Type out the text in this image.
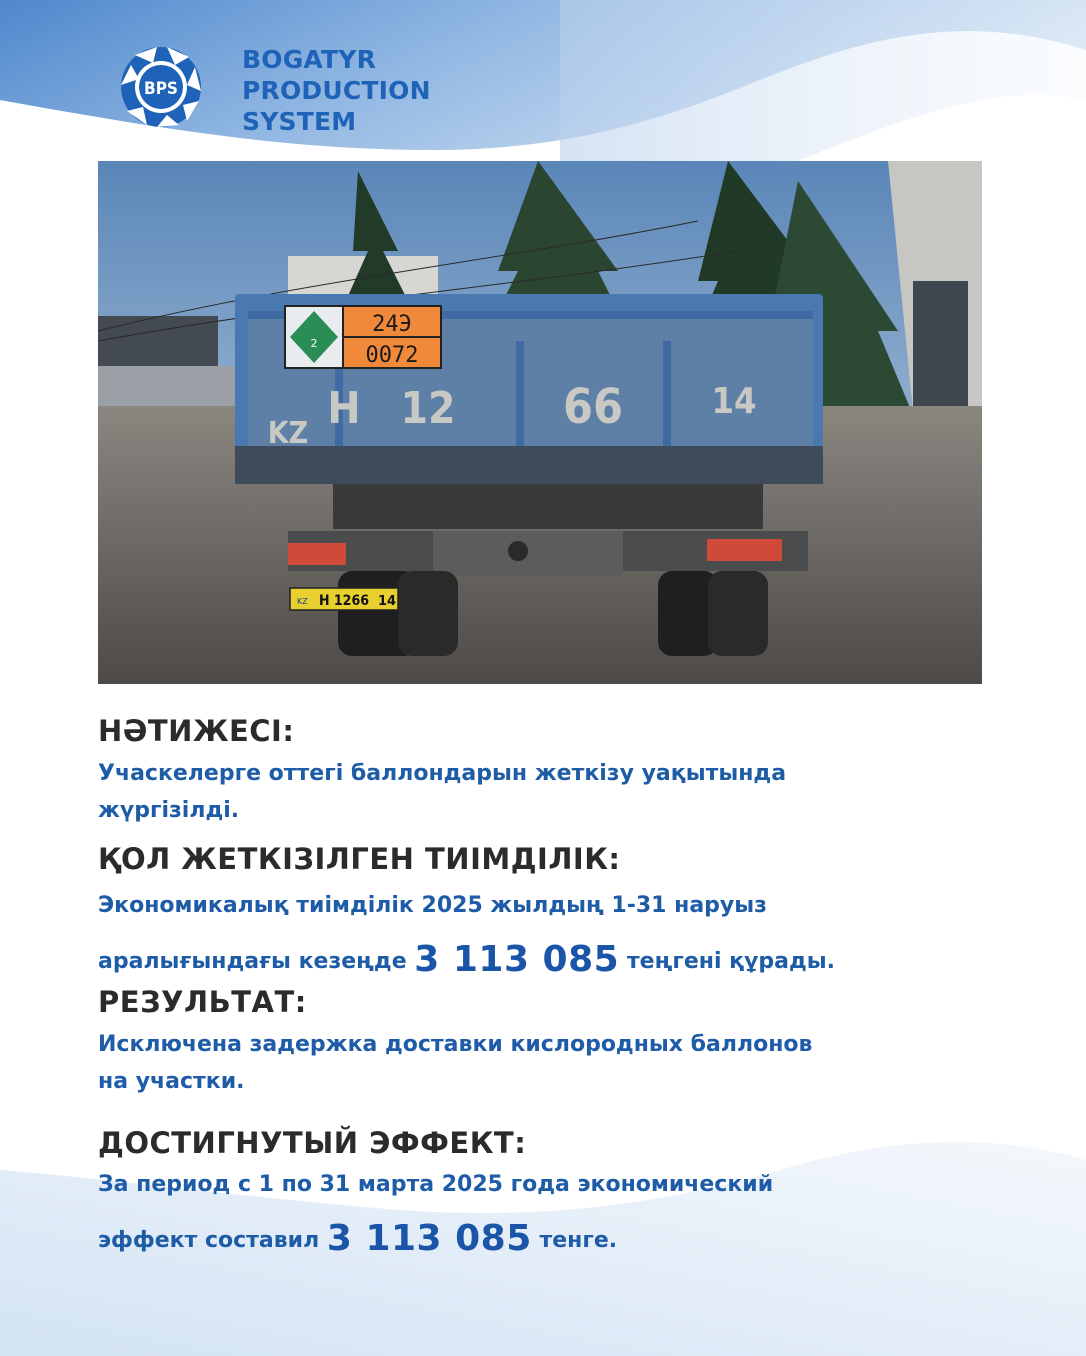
BPS
BOGATYR
PRODUCTION
SYSTEM
2
24Э
0072
KZ Н 12 66 14
KZ Н 1266 14
НӘТИЖЕСІ:
Учаскелерге оттегі баллондарын жеткізу уақытында
жүргізілді.
ҚОЛ ЖЕТКІЗІЛГЕН ТИІМДІЛІК:
Экономикалық тиімділік 2025 жылдың 1-31 наруыз
аралығындағы кезеңде 3 113 085 теңгені құрады.
РЕЗУЛЬТАТ:
Исключена задержка доставки кислородных баллонов
на участки.
ДОСТИГНУТЫЙ ЭФФЕКТ:
За период с 1 по 31 марта 2025 года экономический
эффект составил 3 113 085 тенге.
